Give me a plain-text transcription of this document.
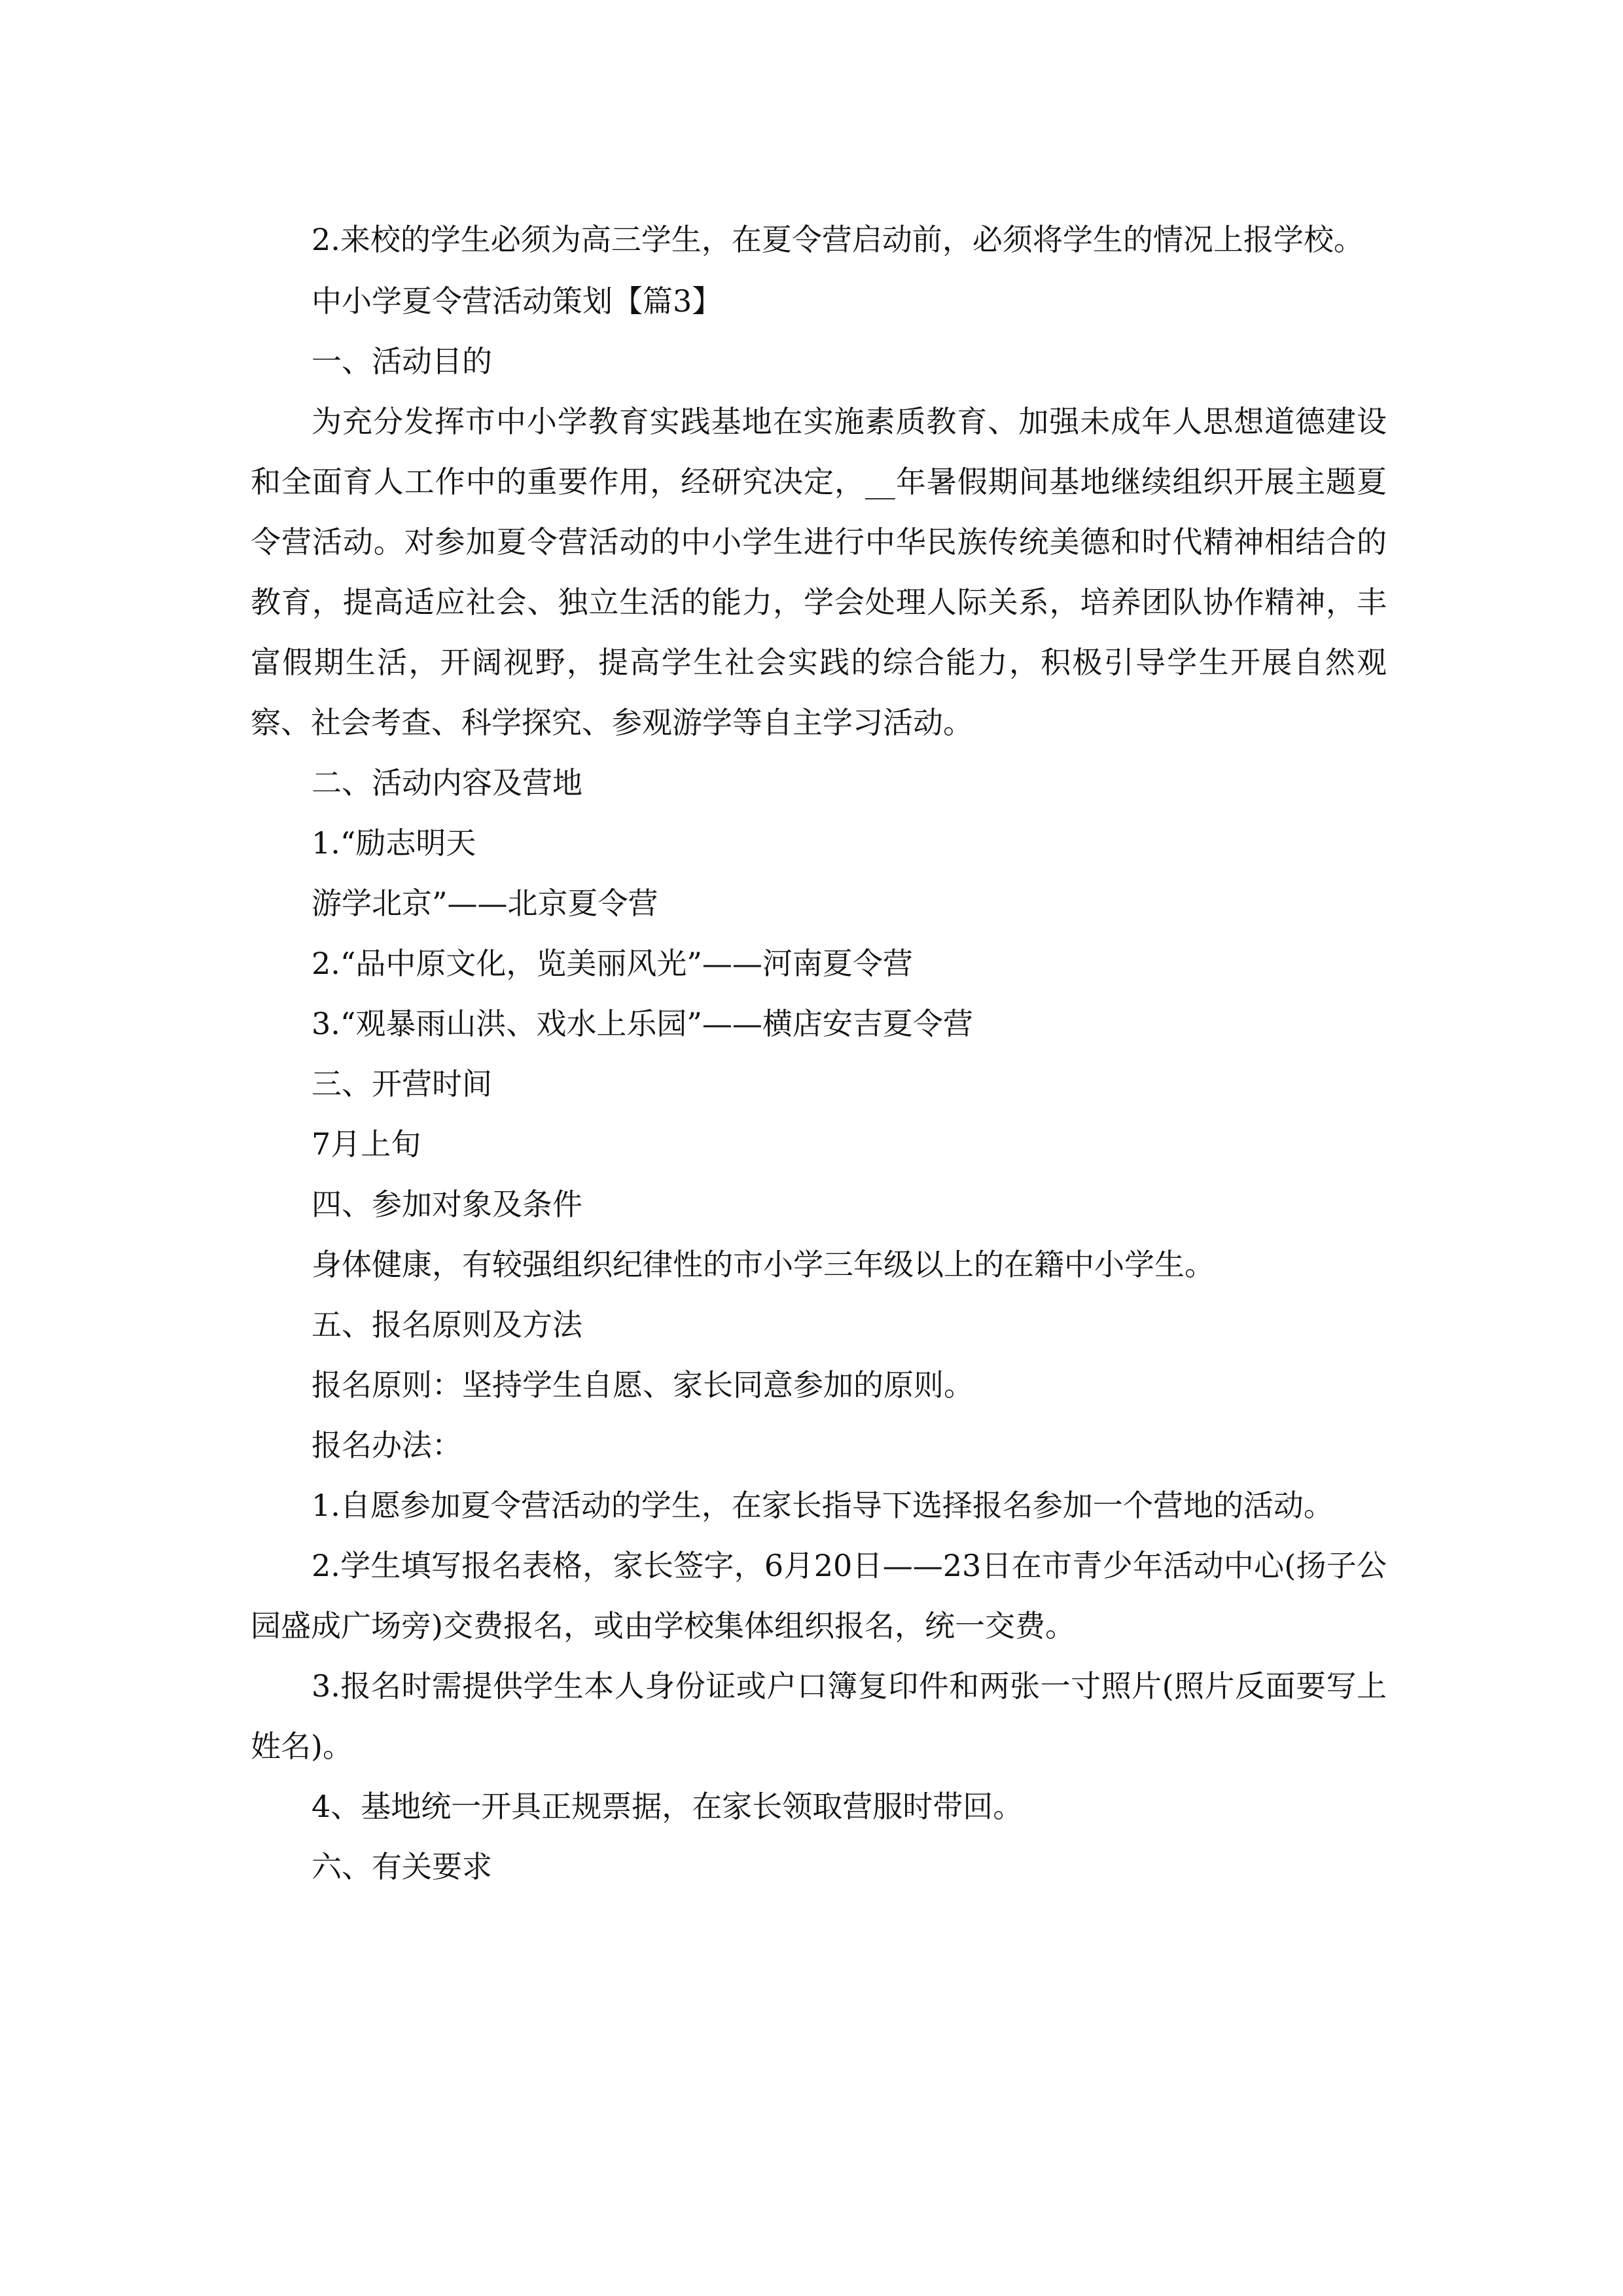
2.来校的学生必须为高三学生，在夏令营启动前，必须将学生的情况上报学校。

中小学夏令营活动策划【篇3】

一、活动目的

为充分发挥市中小学教育实践基地在实施素质教育、加强未成年人思想道德建设和全面育人工作中的重要作用，经研究决定，__年暑假期间基地继续组织开展主题夏令营活动。对参加夏令营活动的中小学生进行中华民族传统美德和时代精神相结合的教育，提高适应社会、独立生活的能力，学会处理人际关系，培养团队协作精神，丰富假期生活，开阔视野，提高学生社会实践的综合能力，积极引导学生开展自然观察、社会考查、科学探究、参观游学等自主学习活动。

二、活动内容及营地

1.“励志明天

游学北京”——北京夏令营

2.“品中原文化，览美丽风光”——河南夏令营

3.“观暴雨山洪、戏水上乐园”——横店安吉夏令营

三、开营时间

7月上旬

四、参加对象及条件

身体健康，有较强组织纪律性的市小学三年级以上的在籍中小学生。

五、报名原则及方法

报名原则：坚持学生自愿、家长同意参加的原则。

报名办法：

1.自愿参加夏令营活动的学生，在家长指导下选择报名参加一个营地的活动。

2.学生填写报名表格，家长签字，6月20日——23日在市青少年活动中心(扬子公园盛成广场旁)交费报名，或由学校集体组织报名，统一交费。

3.报名时需提供学生本人身份证或户口簿复印件和两张一寸照片(照片反面要写上姓名)。

4、基地统一开具正规票据，在家长领取营服时带回。

六、有关要求
